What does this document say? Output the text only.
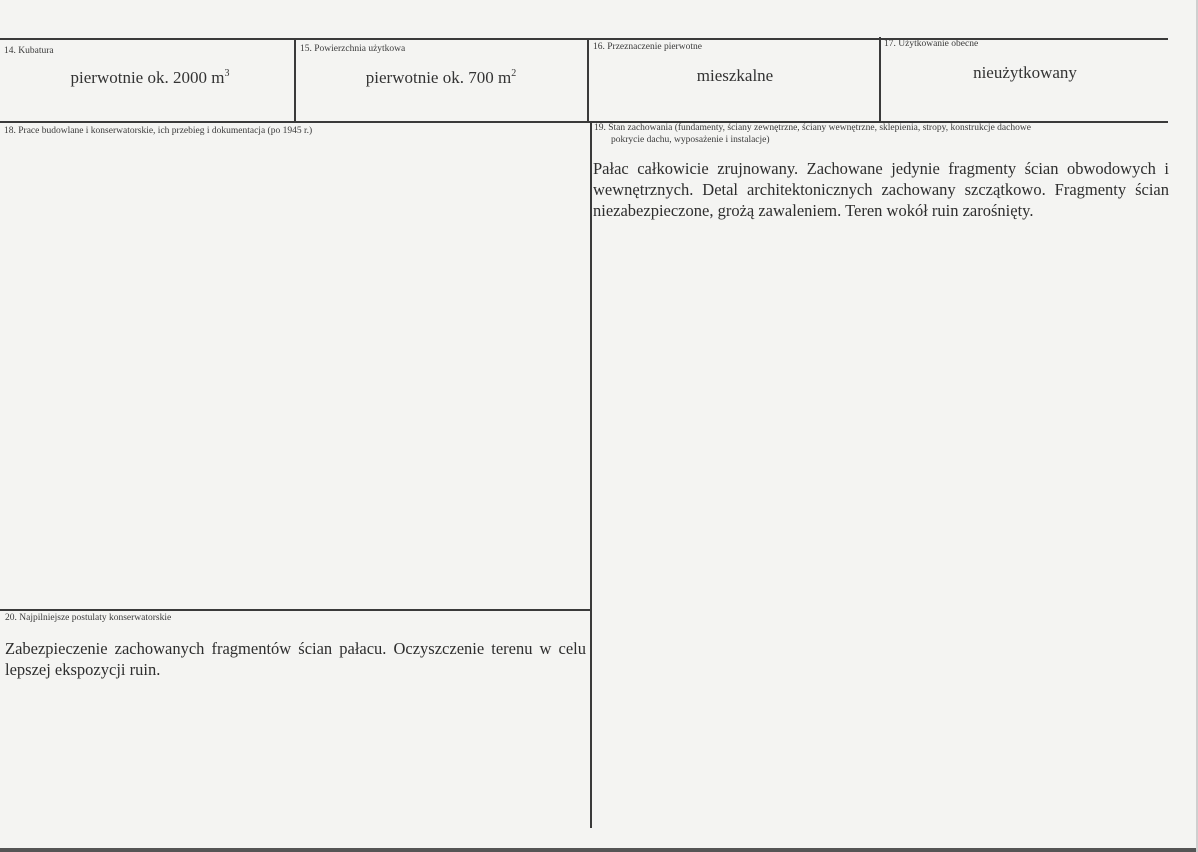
14. Kubatura
pierwotnie ok. 2000 $m^3$
15. Powierzchnia użytkowa
pierwotnie ok. 700 $m^2$
16. Przeznaczenie pierwotne
mieszkalne
17. Użytkowanie obecne
nieużytkowany
18. Prace budowlane i konserwatorskie, ich przebieg i dokumentacja (po 1945 r.)	19. Stan zachowania (fundamenty, ściany zewnętrzne, ściany wewnętrzne, sklepienia, stropy, konstrukcje dachowe
pokrycie dachu, wyposażenie i instalacje)
Pałac całkowicie zrujnowany. Zachowane jedynie fragmenty ścian obwodowych i wewnętrznych. Detal architektonicznych zachowany szczątkowo. Fragmenty ścian niezabezpieczone, grożą zawaleniem. Teren wokół ruin zarośnięty.
20. Najpilniejsze postulaty konserwatorskie
Zabezpieczenie zachowanych fragmentów ścian pałacu. Oczyszczenie terenu w celu lepszej ekspozycji ruin.
